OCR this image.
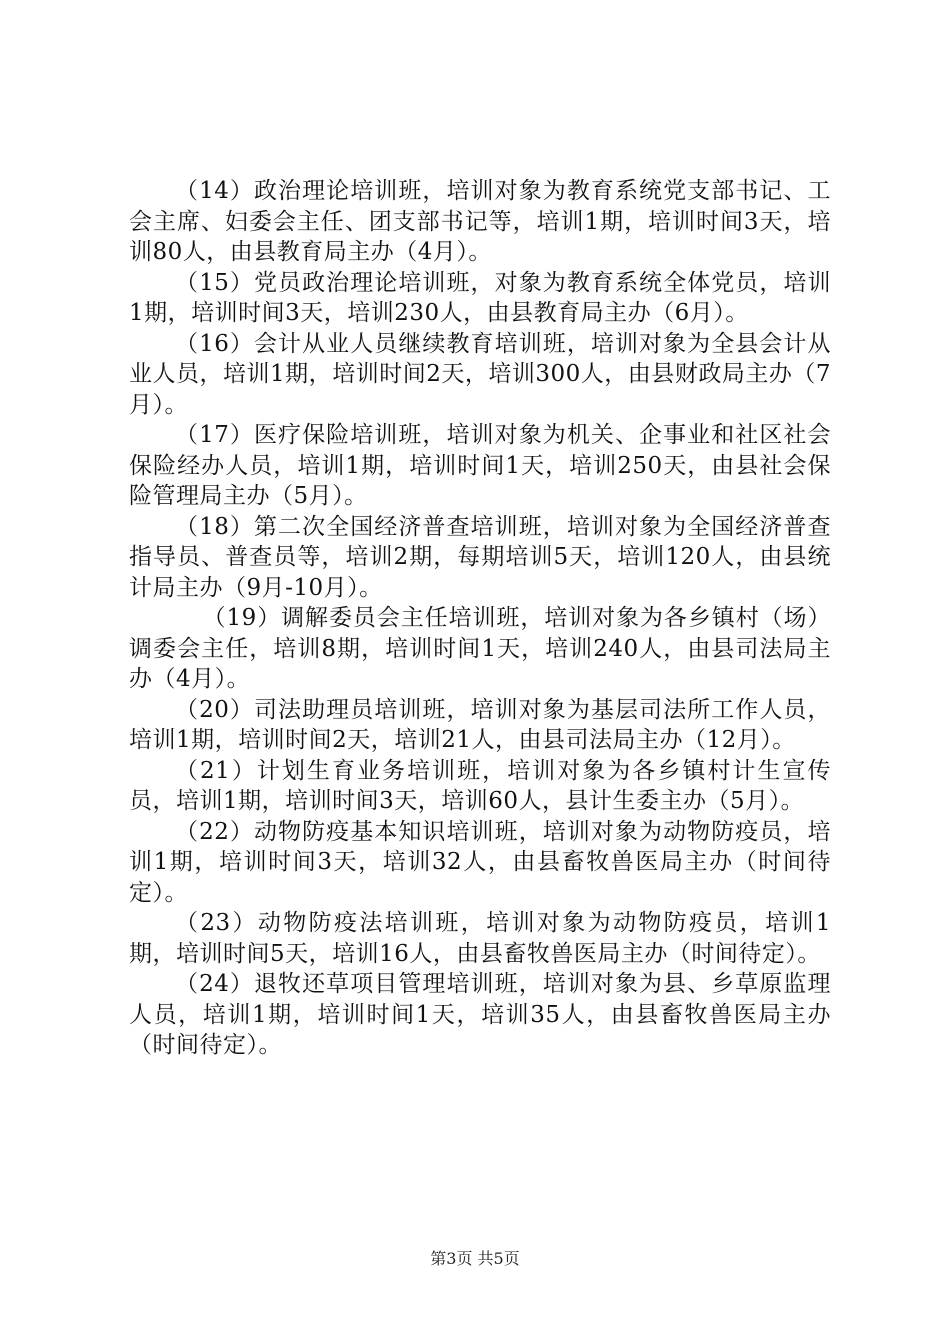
（14）政治理论培训班，培训对象为教育系统党支部书记、工会主席、妇委会主任、团支部书记等，培训1期，培训时间3天，培训80人，由县教育局主办（4月）。

（15）党员政治理论培训班，对象为教育系统全体党员，培训1期，培训时间3天，培训230人，由县教育局主办（6月）。

（16）会计从业人员继续教育培训班，培训对象为全县会计从业人员，培训1期，培训时间2天，培训300人，由县财政局主办（7月）。

（17）医疗保险培训班，培训对象为机关、企事业和社区社会保险经办人员，培训1期，培训时间1天，培训250天，由县社会保险管理局主办（5月）。

（18）第二次全国经济普查培训班，培训对象为全国经济普查指导员、普查员等，培训2期，每期培训5天，培训120人，由县统计局主办（9月-10月）。

（19）调解委员会主任培训班，培训对象为各乡镇村（场）调委会主任，培训8期，培训时间1天，培训240人，由县司法局主办（4月）。

（20）司法助理员培训班，培训对象为基层司法所工作人员，培训1期，培训时间2天，培训21人，由县司法局主办（12月）。

（21）计划生育业务培训班，培训对象为各乡镇村计生宣传员，培训1期，培训时间3天，培训60人，县计生委主办（5月）。

（22）动物防疫基本知识培训班，培训对象为动物防疫员，培训1期，培训时间3天，培训32人，由县畜牧兽医局主办（时间待定）。

（23）动物防疫法培训班，培训对象为动物防疫员，培训1期，培训时间5天，培训16人，由县畜牧兽医局主办（时间待定）。

（24）退牧还草项目管理培训班，培训对象为县、乡草原监理人员，培训1期，培训时间1天，培训35人，由县畜牧兽医局主办（时间待定）。

第3页 共5页
